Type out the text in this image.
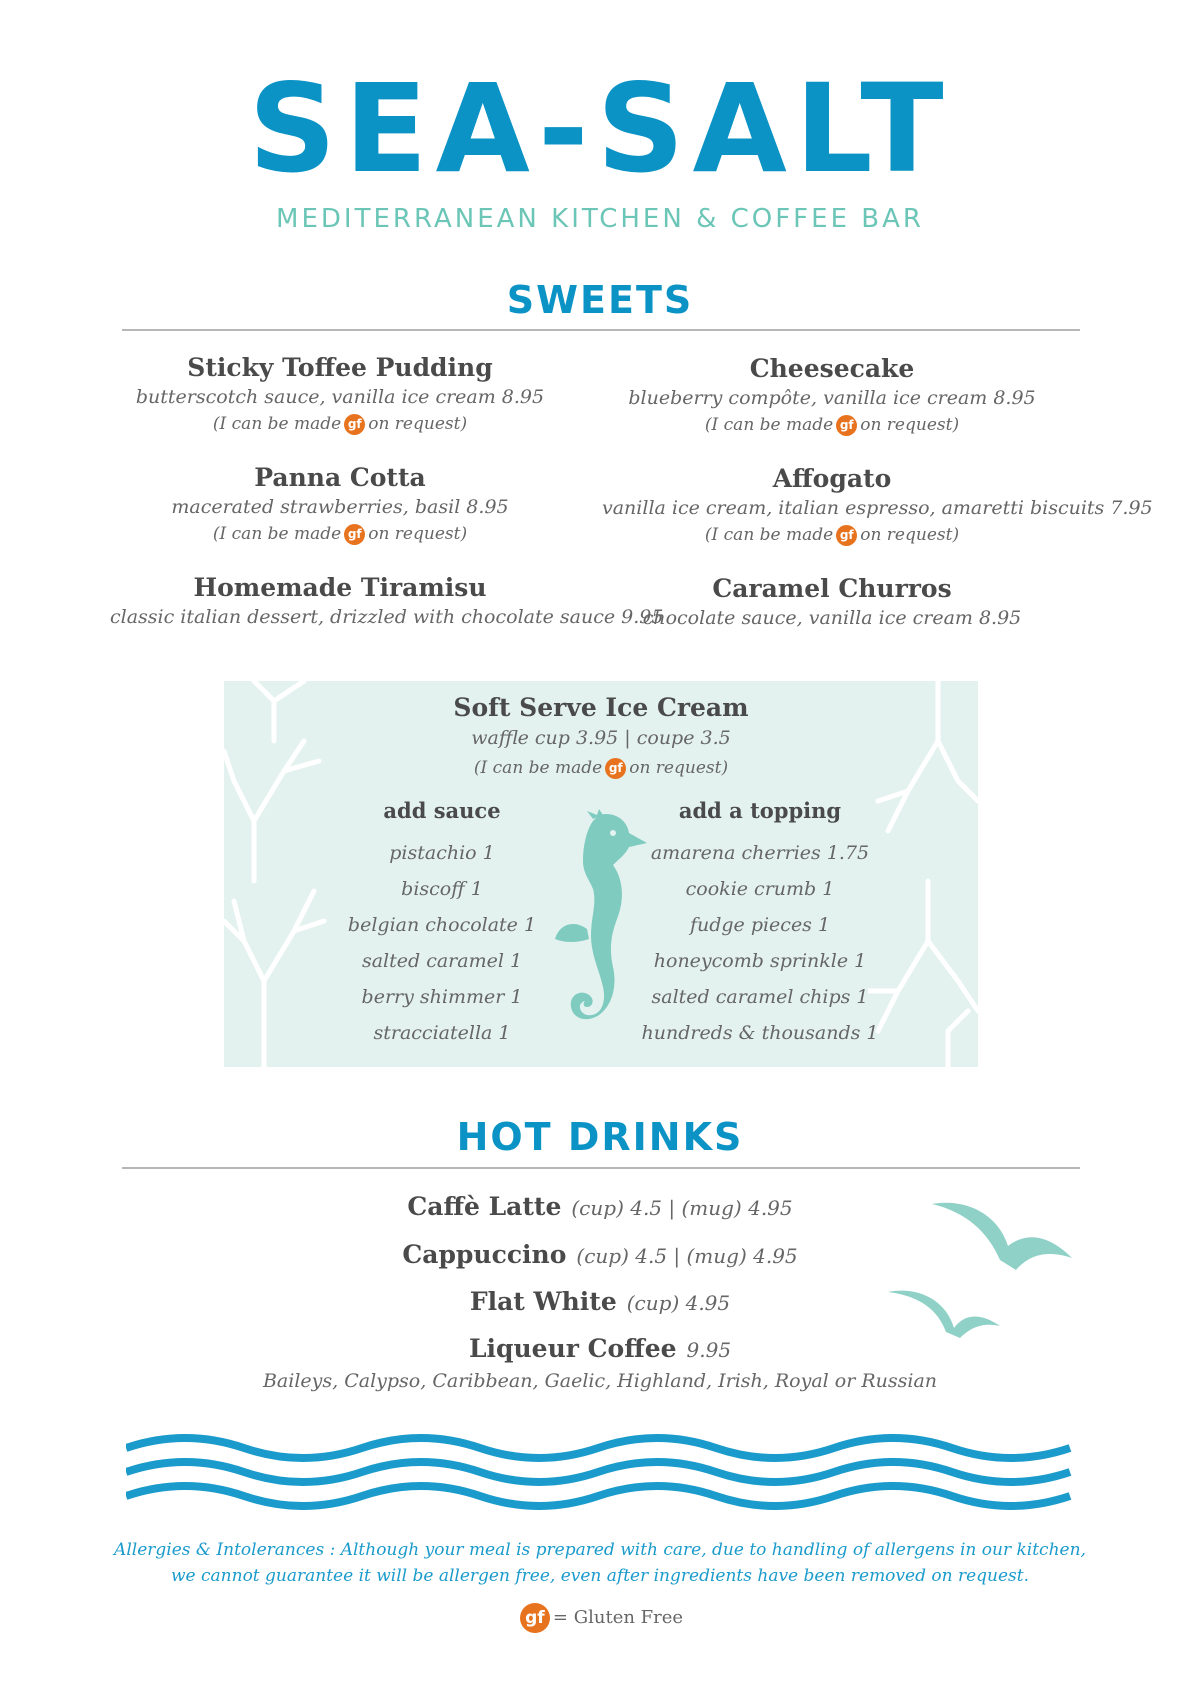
SEA-SALT
MEDITERRANEAN KITCHEN & COFFEE BAR
SWEETS
Sticky Toffee Pudding
butterscotch sauce, vanilla ice cream 8.95
(I can be made gf on request)
Cheesecake
blueberry compôte, vanilla ice cream 8.95
(I can be made gf on request)
Panna Cotta
macerated strawberries, basil 8.95
(I can be made gf on request)
Affogato
vanilla ice cream, italian espresso, amaretti biscuits 7.95
(I can be made gf on request)
Homemade Tiramisu
classic italian dessert, drizzled with chocolate sauce 9.95
Caramel Churros
chocolate sauce, vanilla ice cream 8.95
Soft Serve Ice Cream
waffle cup 3.95 | coupe 3.5
(I can be made gf on request)
add sauce
pistachio 1
biscoff 1
belgian chocolate 1
salted caramel 1
berry shimmer 1
stracciatella 1
add a topping
amarena cherries 1.75
cookie crumb 1
fudge pieces 1
honeycomb sprinkle 1
salted caramel chips 1
hundreds & thousands 1
HOT DRINKS
Caffè Latte (cup) 4.5 | (mug) 4.95
Cappuccino (cup) 4.5 | (mug) 4.95
Flat White (cup) 4.95
Liqueur Coffee 9.95
Baileys, Calypso, Caribbean, Gaelic, Highland, Irish, Royal or Russian
Allergies & Intolerances : Although your meal is prepared with care, due to handling of allergens in our kitchen,
we cannot guarantee it will be allergen free, even after ingredients have been removed on request.
gf = Gluten Free
